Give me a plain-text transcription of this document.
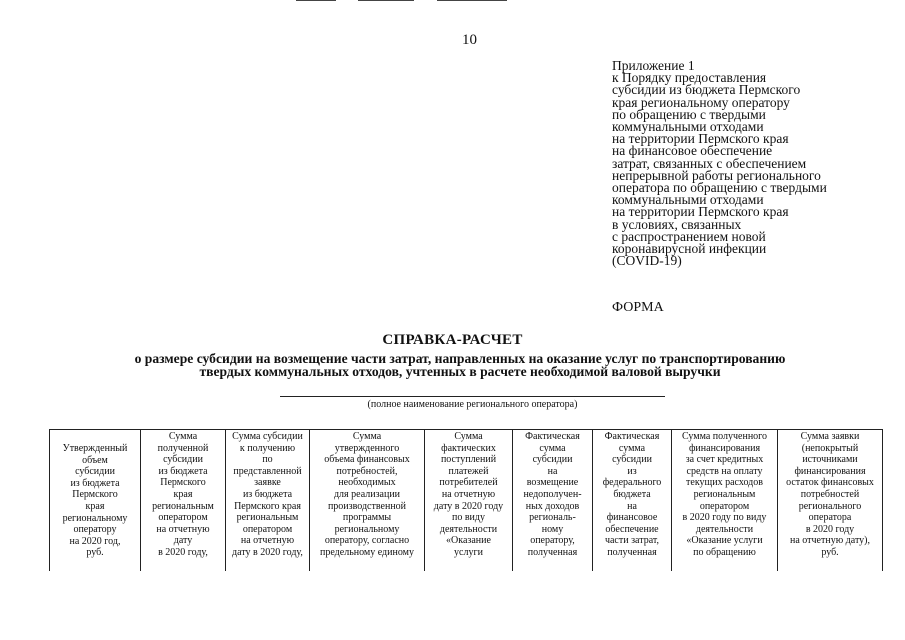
10
Приложение 1
к Порядку предоставления
субсидии из бюджета Пермского
края региональному оператору
по обращению с твердыми
коммунальными отходами
на территории Пермского края
на финансовое обеспечение
затрат, связанных с обеспечением
непрерывной работы регионального
оператора по обращению с твердыми
коммунальными отходами
на территории Пермского края
в условиях, связанных
с распространением новой
коронавирусной инфекции
(COVID-19)
ФОРМА
СПРАВКА-РАСЧЕТ
о размере субсидии на возмещение части затрат, направленных на оказание услуг по транспортированию
твердых коммунальных отходов, учтенных в расчете необходимой валовой выручки
(полное наименование регионального оператора)
Утвержденный
объем
субсидии
из бюджета
Пермского
края
региональному
оператору
на 2020 год,
руб.

Сумма
полученной
субсидии
из бюджета
Пермского
края
региональным
оператором
на отчетную
дату
в 2020 году,

Сумма субсидии
к получению
по
представленной
заявке
из бюджета
Пермского края
региональным
оператором
на отчетную
дату в 2020 году,

Сумма
утвержденного
объема финансовых
потребностей,
необходимых
для реализации
производственной
программы
региональному
оператору, согласно
предельному единому

Сумма
фактических
поступлений
платежей
потребителей
на отчетную
дату в 2020 году
по виду
деятельности
«Оказание
услуги

Фактическая
сумма
субсидии
на
возмещение
недополучен-
ных доходов
региональ-
ному
оператору,
полученная

Фактическая
сумма
субсидии
из
федерального
бюджета
на
финансовое
обеспечение
части затрат,
полученная

Сумма полученного
финансирования
за счет кредитных
средств на оплату
текущих расходов
региональным
оператором
в 2020 году по виду
деятельности
«Оказание услуги
по обращению

Сумма заявки
(непокрытый
источниками
финансирования
остаток финансовых
потребностей
регионального
оператора
в 2020 году
на отчетную дату),
руб.
